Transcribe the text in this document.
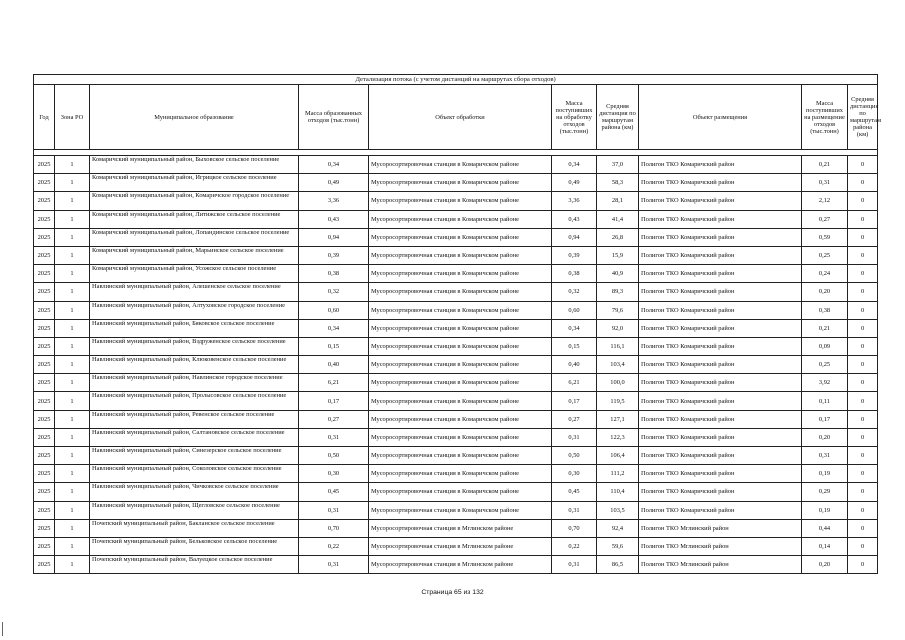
Детализация потока (с учетом дистанций на маршрутах сбора отходов)									
Год	Зона РО	Муниципальное образование	Масса образованных отходов (тыс.тонн)	Объект обработки	Масса поступивших на обработку отходов (тыс.тонн)	Средняя дистанция по маршрутам района (км)	Объект размещения	Масса поступивших на размещение отходов (тыс.тонн)	Средняя дистанция по маршрутам района (км)

2025	1	Комаричский муниципальный район, Быховское сельское поселение	0,34	Мусоросортировочная станция в Комаричском районе	0,34	37,0	Полигон ТКО Комаричский район	0,21	0
2025	1	Комаричский муниципальный район, Игрицкое сельское поселение	0,49	Мусоросортировочная станция в Комаричском районе	0,49	58,3	Полигон ТКО Комаричский район	0,31	0
2025	1	Комаричский муниципальный район, Комаричское городское поселение	3,36	Мусоросортировочная станция в Комаричском районе	3,36	28,1	Полигон ТКО Комаричский район	2,12	0
2025	1	Комаричский муниципальный район, Литижское сельское поселение	0,43	Мусоросортировочная станция в Комаричском районе	0,43	41,4	Полигон ТКО Комаричский район	0,27	0
2025	1	Комаричский муниципальный район, Лопандинское сельское поселение	0,94	Мусоросортировочная станция в Комаричском районе	0,94	26,8	Полигон ТКО Комаричский район	0,59	0
2025	1	Комаричский муниципальный район, Марьинское сельское поселение	0,39	Мусоросортировочная станция в Комаричском районе	0,39	15,9	Полигон ТКО Комаричский район	0,25	0
2025	1	Комаричский муниципальный район, Усожское сельское поселение	0,38	Мусоросортировочная станция в Комаричском районе	0,38	40,9	Полигон ТКО Комаричский район	0,24	0
2025	1	Навлинский муниципальный район, Алешенское сельское поселение	0,32	Мусоросортировочная станция в Комаричском районе	0,32	89,3	Полигон ТКО Комаричский район	0,20	0
2025	1	Навлинский муниципальный район, Алтуховское городское поселение	0,60	Мусоросортировочная станция в Комаричском районе	0,60	79,6	Полигон ТКО Комаричский район	0,38	0
2025	1	Навлинский муниципальный район, Бяковское сельское поселение	0,34	Мусоросортировочная станция в Комаричском районе	0,34	92,0	Полигон ТКО Комаричский район	0,21	0
2025	1	Навлинский муниципальный район, Вздруженское сельское поселение	0,15	Мусоросортировочная станция в Комаричском районе	0,15	116,1	Полигон ТКО Комаричский район	0,09	0
2025	1	Навлинский муниципальный район, Клюковенское сельское поселение	0,40	Мусоросортировочная станция в Комаричском районе	0,40	103,4	Полигон ТКО Комаричский район	0,25	0
2025	1	Навлинский муниципальный район, Навлинское городское поселение	6,21	Мусоросортировочная станция в Комаричском районе	6,21	100,0	Полигон ТКО Комаричский район	3,92	0
2025	1	Навлинский муниципальный район, Пролысовское сельское поселение	0,17	Мусоросортировочная станция в Комаричском районе	0,17	119,5	Полигон ТКО Комаричский район	0,11	0
2025	1	Навлинский муниципальный район, Ревенское сельское поселение	0,27	Мусоросортировочная станция в Комаричском районе	0,27	127,1	Полигон ТКО Комаричский район	0,17	0
2025	1	Навлинский муниципальный район, Салтановское сельское поселение	0,31	Мусоросортировочная станция в Комаричском районе	0,31	122,3	Полигон ТКО Комаричский район	0,20	0
2025	1	Навлинский муниципальный район, Синезерское сельское поселение	0,50	Мусоросортировочная станция в Комаричском районе	0,50	106,4	Полигон ТКО Комаричский район	0,31	0
2025	1	Навлинский муниципальный район, Соколовское сельское поселение	0,30	Мусоросортировочная станция в Комаричском районе	0,30	111,2	Полигон ТКО Комаричский район	0,19	0
2025	1	Навлинский муниципальный район, Чичковское сельское поселение	0,45	Мусоросортировочная станция в Комаричском районе	0,45	110,4	Полигон ТКО Комаричский район	0,29	0
2025	1	Навлинский муниципальный район, Щегловское сельское поселение	0,31	Мусоросортировочная станция в Комаричском районе	0,31	103,5	Полигон ТКО Комаричский район	0,19	0
2025	1	Почепский муниципальный район, Бакланское сельское поселение	0,70	Мусоросортировочная станция в Мглинском районе	0,70	92,4	Полигон ТКО Мглинский район	0,44	0
2025	1	Почепский муниципальный район, Бельковское сельское поселение	0,22	Мусоросортировочная станция в Мглинском районе	0,22	59,6	Полигон ТКО Мглинский район	0,14	0
2025	1	Почепский муниципальный район, Валуецкое сельское поселение	0,31	Мусоросортировочная станция в Мглинском районе	0,31	86,5	Полигон ТКО Мглинский район	0,20	0
Страница 65 из 132
